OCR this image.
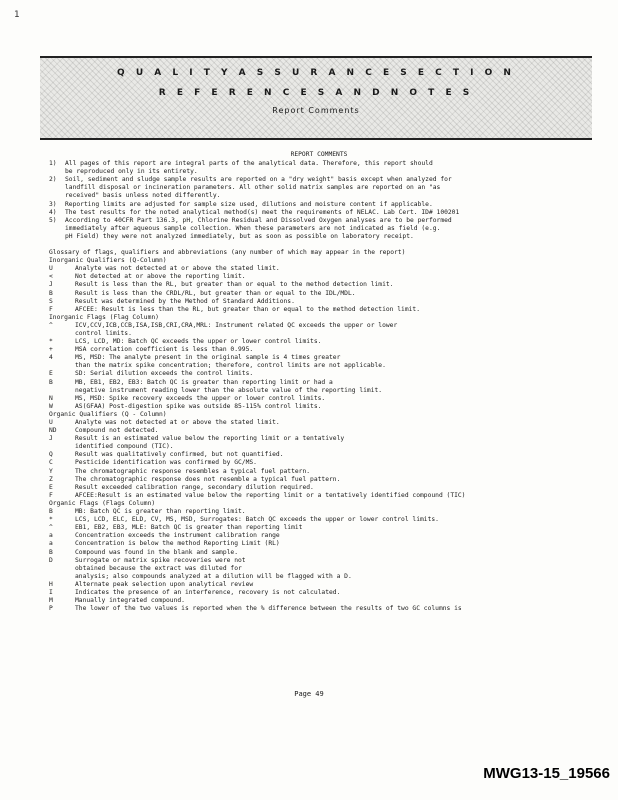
1
Q U A L I T Y A S S U R A N C E S E C T I O N
R E F E R E N C E S A N D N O T E S
Report Comments
REPORT COMMENTS
1)	All pages of this report are integral parts of the analytical data. Therefore, this report should
be reproduced only in its entirety.
2)	Soil, sediment and sludge sample results are reported on a "dry weight" basis except when analyzed for
landfill disposal or incineration parameters. All other solid matrix samples are reported on an "as
received" basis unless noted differently.
3)	Reporting limits are adjusted for sample size used, dilutions and moisture content if applicable.
4)	The test results for the noted analytical method(s) meet the requirements of NELAC. Lab Cert. ID# 100201
5)	According to 40CFR Part 136.3, pH, Chlorine Residual and Dissolved Oxygen analyses are to be performed
immediately after aqueous sample collection. When these parameters are not indicated as field (e.g.
pH Field) they were not analyzed immediately, but as soon as possible on laboratory receipt.
Glossary of flags, qualifiers and abbreviations (any number of which may appear in the report)
Inorganic Qualifiers (Q-Column)
U	Analyte was not detected at or above the stated limit.
<	Not detected at or above the reporting limit.
J	Result is less than the RL, but greater than or equal to the method detection limit.
B	Result is less than the CRDL/RL, but greater than or equal to the IDL/MDL.
S	Result was determined by the Method of Standard Additions.
F	AFCEE: Result is less than the RL, but greater than or equal to the method detection limit.
Inorganic Flags (Flag Column)
^	ICV,CCV,ICB,CCB,ISA,ISB,CRI,CRA,MRL: Instrument related QC exceeds the upper or lower
control limits.
*	LCS, LCD, MD: Batch QC exceeds the upper or lower control limits.
+	MSA correlation coefficient is less than 0.995.
4	MS, MSD: The analyte present in the original sample is 4 times greater
than the matrix spike concentration; therefore, control limits are not applicable.
E	SD: Serial dilution exceeds the control limits.
B	MB, EB1, EB2, EB3: Batch QC is greater than reporting limit or had a
negative instrument reading lower than the absolute value of the reporting limit.
N	MS, MSD: Spike recovery exceeds the upper or lower control limits.
W	AS(GFAA) Post-digestion spike was outside 85-115% control limits.
Organic Qualifiers (Q - Column)
U	Analyte was not detected at or above the stated limit.
ND	Compound not detected.
J	Result is an estimated value below the reporting limit or a tentatively
identified compound (TIC).
Q	Result was qualitatively confirmed, but not quantified.
C	Pesticide identification was confirmed by GC/MS.
Y	The chromatographic response resembles a typical fuel pattern.
Z	The chromatographic response does not resemble a typical fuel pattern.
E	Result exceeded calibration range, secondary dilution required.
F	AFCEE:Result is an estimated value below the reporting limit or a tentatively identified compound (TIC)
Organic Flags (Flags Column)
B	MB: Batch QC is greater than reporting limit.
*	LCS, LCD, ELC, ELD, CV, MS, MSD, Surrogates: Batch QC exceeds the upper or lower control limits.
^	EB1, EB2, EB3, MLE: Batch QC is greater than reporting limit
a	Concentration exceeds the instrument calibration range
a	Concentration is below the method Reporting Limit (RL)
B	Compound was found in the blank and sample.
D	Surrogate or matrix spike recoveries were not
obtained because the extract was diluted for
analysis; also compounds analyzed at a dilution will be flagged with a D.
H	Alternate peak selection upon analytical review
I	Indicates the presence of an interference, recovery is not calculated.
M	Manually integrated compound.
P	The lower of the two values is reported when the % difference between the results of two GC columns is
Page 49
MWG13-15_19566
